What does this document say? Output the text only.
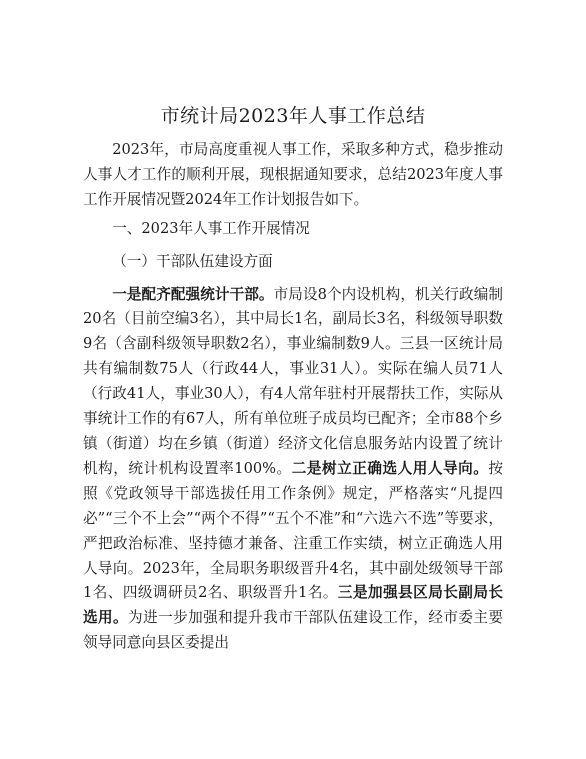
市统计局2023年人事工作总结

2023年，市局高度重视人事工作，采取多种方式，稳步推动人事人才工作的顺利开展，现根据通知要求，总结2023年度人事工作开展情况暨2024年工作计划报告如下。

一、2023年人事工作开展情况

（一）干部队伍建设方面

一是配齐配强统计干部。市局设8个内设机构，机关行政编制20名（目前空编3名），其中局长1名，副局长3名，科级领导职数9名（含副科级领导职数2名），事业编制数9人。三县一区统计局共有编制数75人（行政44人，事业31人）。实际在编人员71人（行政41人，事业30人），有4人常年驻村开展帮扶工作，实际从事统计工作的有67人，所有单位班子成员均已配齐；全市88个乡镇（街道）均在乡镇（街道）经济文化信息服务站内设置了统计机构，统计机构设置率100%。二是树立正确选人用人导向。按照《党政领导干部选拔任用工作条例》规定，严格落实“凡提四必”“三个不上会”“两个不得”“五个不准”和“六选六不选”等要求，严把政治标准、坚持德才兼备、注重工作实绩，树立正确选人用人导向。2023年，全局职务职级晋升4名，其中副处级领导干部1名、四级调研员2名、职级晋升1名。三是加强县区局长副局长选用。为进一步加强和提升我市干部队伍建设工作，经市委主要领导同意向县区委提出
